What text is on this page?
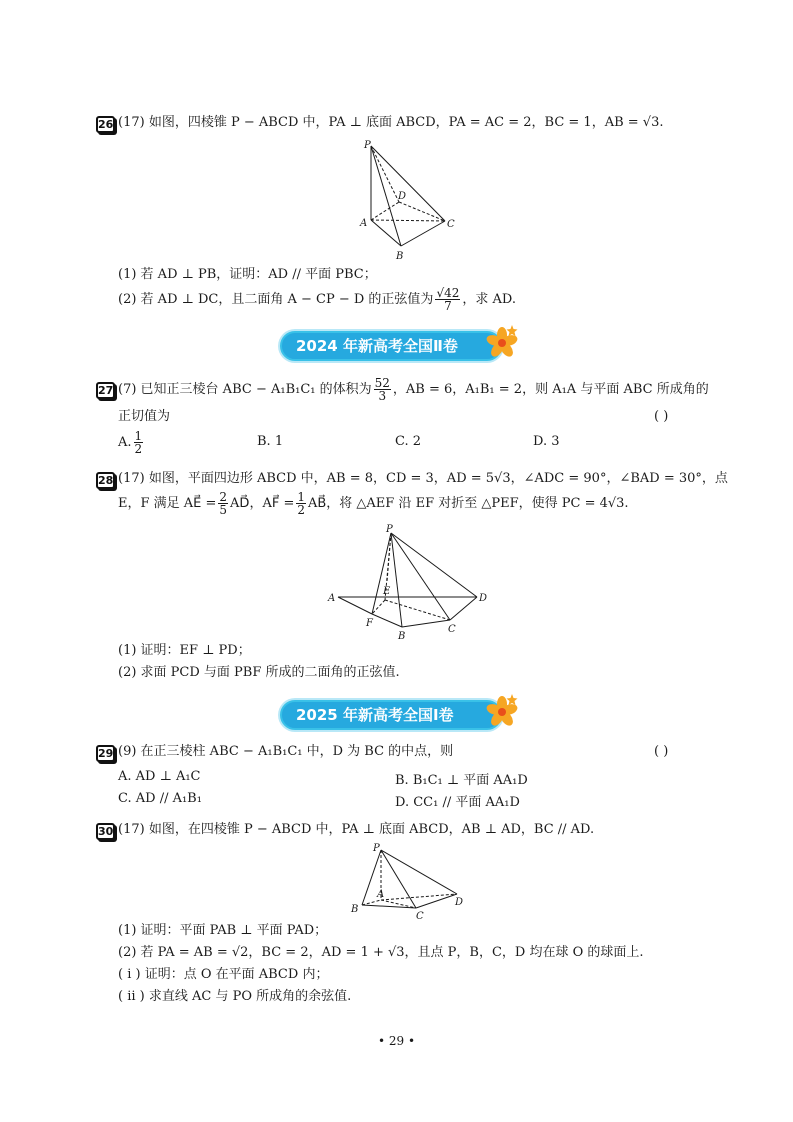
26 (17) 如图，四棱锥 P − ABCD 中，PA ⊥ 底面 ABCD，PA = AC = 2，BC = 1，AB = √3.
P
A
B
C
D
(1) 若 AD ⊥ PB，证明：AD // 平面 PBC；
(2) 若 AD ⊥ DC，且二面角 A − CP − D 的正弦值为 $\frac{√42}{7}$ ，求 AD.
2024 年新高考全国Ⅱ卷
27 (7) 已知正三棱台 ABC − A₁B₁C₁ 的体积为 $\frac{52}{3}$ ，AB = 6，A₁B₁ = 2，则 A₁A 与平面 ABC 所成角的
正切值为	( )
A. $\frac{1}{2}$	B. 1	C. 2	D. 3
28 (17) 如图，平面四边形 ABCD 中，AB = 8，CD = 3，AD = 5√3，∠ADC = 90°，∠BAD = 30°，点
E，F 满足 AE⃗ = $\frac{2}{5}$ AD⃗，AF⃗ = $\frac{1}{2}$ AB⃗，将 △AEF 沿 EF 对折至 △PEF，使得 PC = 4√3.
P
A
E
F
B
C
D
(1) 证明：EF ⊥ PD；
(2) 求面 PCD 与面 PBF 所成的二面角的正弦值.
2025 年新高考全国Ⅰ卷
29 (9) 在正三棱柱 ABC − A₁B₁C₁ 中，D 为 BC 的中点，则	( )
A. AD ⊥ A₁C	B. B₁C₁ ⊥ 平面 AA₁D
C. AD // A₁B₁	D. CC₁ // 平面 AA₁D
30 (17) 如图，在四棱锥 P − ABCD 中，PA ⊥ 底面 ABCD，AB ⊥ AD，BC // AD.
P
A
B
C
D
(1) 证明：平面 PAB ⊥ 平面 PAD；
(2) 若 PA = AB = √2，BC = 2，AD = 1 + √3，且点 P，B，C，D 均在球 O 的球面上.
( ⅰ ) 证明：点 O 在平面 ABCD 内；
( ⅱ ) 求直线 AC 与 PO 所成角的余弦值.
• 29 •
